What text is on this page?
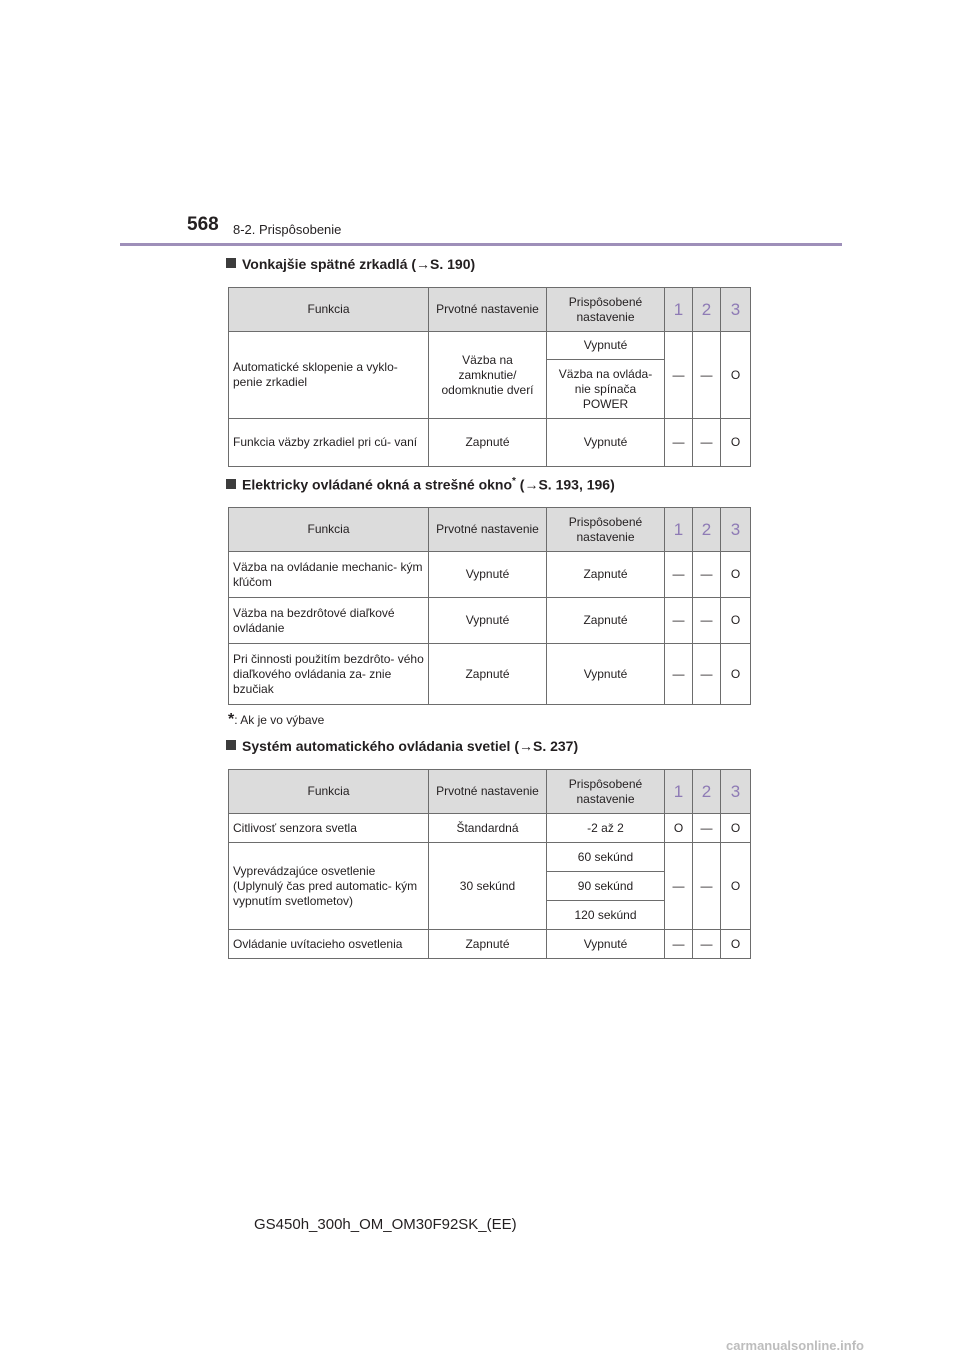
568 8-2. Prispôsobenie
Vonkajšie spätné zrkadlá (→S. 190)
Funkcia	Prvotné nastavenie	Prispôsobené nastavenie	1	2	3
Automatické sklopenie a vyklo- penie zrkadiel	Väzba na zamknutie/ odomknutie dverí	Vypnuté	—	—	O
		Väzba na ovláda- nie spínača POWER			
Funkcia väzby zrkadiel pri cú- vaní	Zapnuté	Vypnuté	—	—	O
Elektricky ovládané okná a strešné okno* (→S. 193, 196)
Funkcia	Prvotné nastavenie	Prispôsobené nastavenie	1	2	3
Väzba na ovládanie mechanic- kým kľúčom	Vypnuté	Zapnuté	—	—	O
Väzba na bezdrôtové diaľkové ovládanie	Vypnuté	Zapnuté	—	—	O
Pri činnosti použitím bezdrôto- vého diaľkového ovládania za- znie bzučiak	Zapnuté	Vypnuté	—	—	O
*: Ak je vo výbave
Systém automatického ovládania svetiel (→S. 237)
Funkcia	Prvotné nastavenie	Prispôsobené nastavenie	1	2	3
Citlivosť senzora svetla	Štandardná	-2 až 2	O	—	O
Vyprevádzajúce osvetlenie (Uplynulý čas pred automatic- kým vypnutím svetlometov)	30 sekúnd	60 sekúnd	—	—	O
		90 sekúnd			
		120 sekúnd			
Ovládanie uvítacieho osvetlenia	Zapnuté	Vypnuté	—	—	O
GS450h_300h_OM_OM30F92SK_(EE)
carmanualsonline.info
